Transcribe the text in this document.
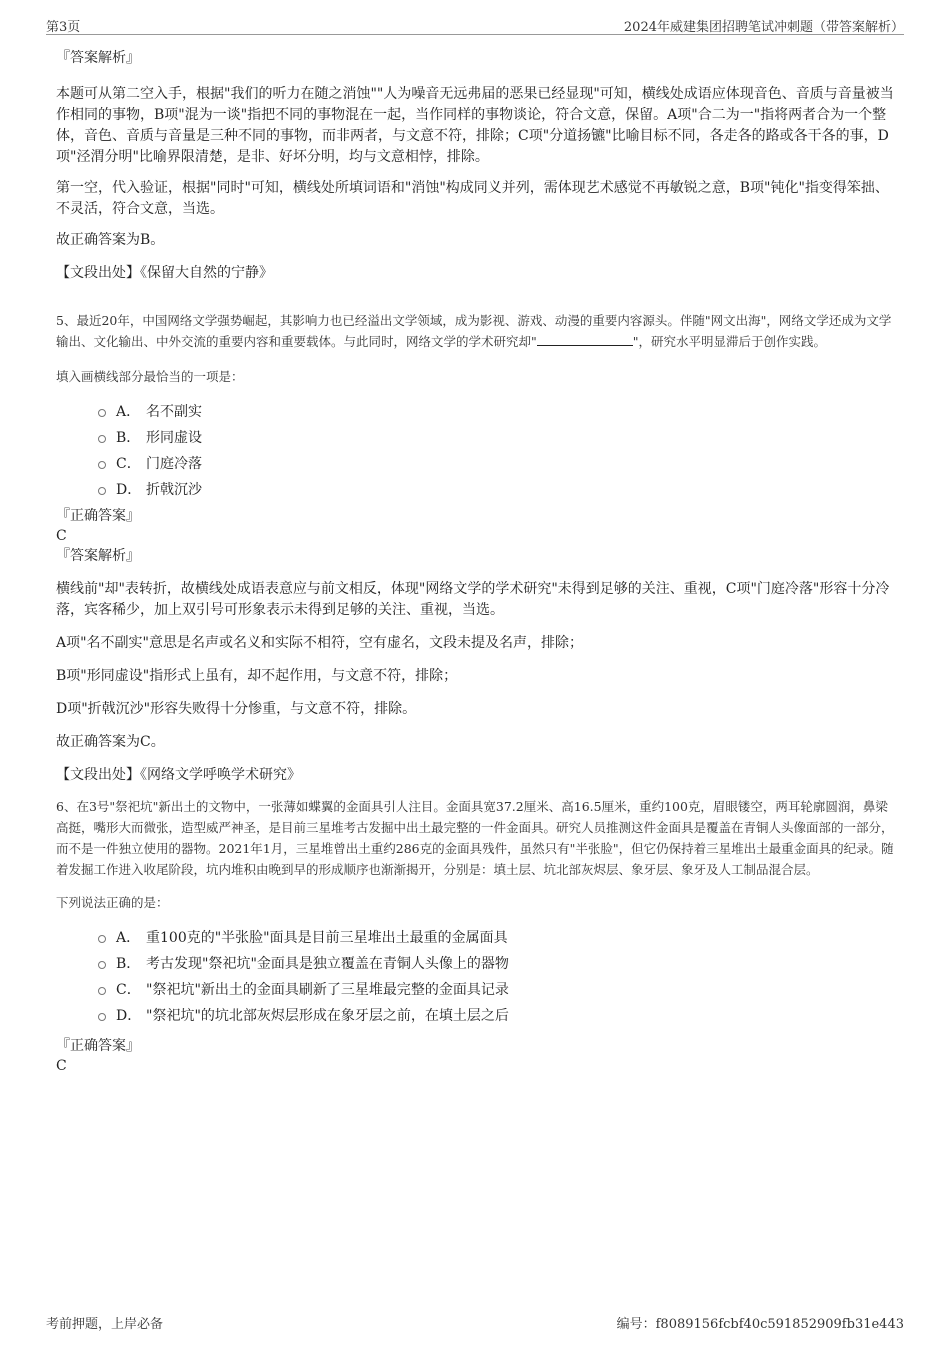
第3页	2024年威建集团招聘笔试冲刺题（带答案解析）

『答案解析』

本题可从第二空入手，根据"我们的听力在随之消蚀""人为噪音无远弗届的恶果已经显现"可知，横线处成语应体现音色、音质与音量被当作相同的事物，B项"混为一谈"指把不同的事物混在一起，当作同样的事物谈论，符合文意，保留。A项"合二为一"指将两者合为一个整体，音色、音质与音量是三种不同的事物，而非两者，与文意不符，排除；C项"分道扬镳"比喻目标不同，各走各的路或各干各的事，D项"泾渭分明"比喻界限清楚，是非、好坏分明，均与文意相悖，排除。

第一空，代入验证，根据"同时"可知，横线处所填词语和"消蚀"构成同义并列，需体现艺术感觉不再敏锐之意，B项"钝化"指变得笨拙、不灵活，符合文意，当选。

故正确答案为B。

【文段出处】《保留大自然的宁静》

5、最近20年，中国网络文学强势崛起，其影响力也已经溢出文学领域，成为影视、游戏、动漫的重要内容源头。伴随"网文出海"，网络文学还成为文学输出、文化输出、中外交流的重要内容和重要载体。与此同时，网络文学的学术研究却"	"，研究水平明显滞后于创作实践。

填入画横线部分最恰当的一项是：

A． 名不副实
B． 形同虚设
C． 门庭冷落
D． 折戟沉沙

『正确答案』

C

『答案解析』

横线前"却"表转折，故横线处成语表意应与前文相反，体现"网络文学的学术研究"未得到足够的关注、重视，C项"门庭冷落"形容十分冷落，宾客稀少，加上双引号可形象表示未得到足够的关注、重视，当选。

A项"名不副实"意思是名声或名义和实际不相符，空有虚名，文段未提及名声，排除；

B项"形同虚设"指形式上虽有，却不起作用，与文意不符，排除；

D项"折戟沉沙"形容失败得十分惨重，与文意不符，排除。

故正确答案为C。

【文段出处】《网络文学呼唤学术研究》

6、在3号"祭祀坑"新出土的文物中，一张薄如蝶翼的金面具引人注目。金面具宽37.2厘米、高16.5厘米，重约100克，眉眼镂空，两耳轮廓圆润，鼻梁高挺，嘴形大而微张，造型威严神圣，是目前三星堆考古发掘中出土最完整的一件金面具。研究人员推测这件金面具是覆盖在青铜人头像面部的一部分，而不是一件独立使用的器物。2021年1月，三星堆曾出土重约286克的金面具残件，虽然只有"半张脸"，但它仍保持着三星堆出土最重金面具的纪录。随着发掘工作进入收尾阶段，坑内堆积由晚到早的形成顺序也渐渐揭开，分别是：填土层、坑北部灰烬层、象牙层、象牙及人工制品混合层。

下列说法正确的是：

A． 重100克的"半张脸"面具是目前三星堆出土最重的金属面具
B． 考古发现"祭祀坑"金面具是独立覆盖在青铜人头像上的器物
C． "祭祀坑"新出土的金面具刷新了三星堆最完整的金面具记录
D． "祭祀坑"的坑北部灰烬层形成在象牙层之前，在填土层之后

『正确答案』

C

考前押题，上岸必备	编号：f8089156fcbf40c591852909fb31e443
